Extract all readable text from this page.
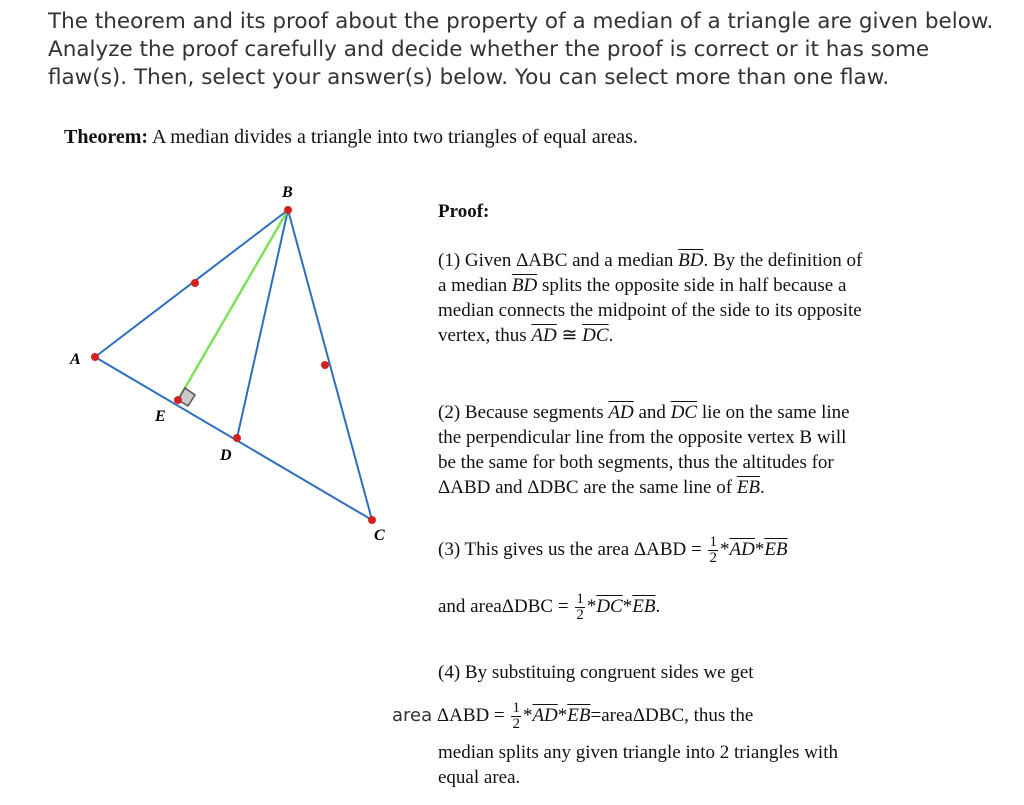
The theorem and its proof about the property of a median of a triangle are given below. Analyze the proof carefully and decide whether the proof is correct or it has some flaw(s). Then, select your answer(s) below. You can select more than one flaw.

Theorem: A median divides a triangle into two triangles of equal areas.

B
A
C
D
E

Proof:

(1) Given ΔABC and a median $\overline{BD}$. By the definition of a median $\overline{BD}$ splits the opposite side in half because a median connects the midpoint of the side to its opposite vertex, thus $\overline{AD}$ ≅ $\overline{DC}$.

(2) Because segments $\overline{AD}$ and $\overline{DC}$ lie on the same line the perpendicular line from the opposite vertex B will be the same for both segments, thus the altitudes for ΔABD and ΔDBC are the same line of $\overline{EB}$.

(3) This gives us the area $\Delta ABD = \frac{1}{2} *\overline{AD}*\overline{EB}$

and areaΔDBC = $\frac{1}{2} *\overline{DC}*\overline{EB}$.

(4) By substituing congruent sides we get

median splits any given triangle into 2 triangles with equal area.

area $\Delta ABD = \frac{1}{2}$ $*\overline{AD}*\overline{EB}=area\Delta DBC$, thus the
